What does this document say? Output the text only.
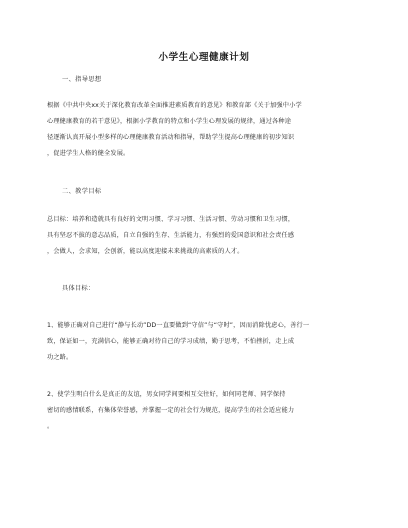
小学生心理健康计划
一、指导思想
根据《中共中央xx关于深化教育改革全面推进素质教育的意见》和教育部《关于加强中小学
心理健康教育的若干意见》，根据小学教育的特点和小学生心理发展的规律，通过各种途
径逐渐认真开展小型多样的心理健康教育活动和指导，帮助学生提高心理健康的初步知识
，促进学生人格的健全发展。
二、教学目标
总目标：培养和造就具有良好的文明习惯、学习习惯、生活习惯、劳动习惯和卫生习惯，
具有坚忍不拔的意志品质，自立自强的生存、生活能力，有强烈的爱国意识和社会责任感
，会做人，会求知，会创新，能以高度迎接未来挑战的高素质的人才。
具体目标：
1、能够正确对自己进行“静与长动”DD一直要做到“守信”与“守时”，因而消除忧虑心，善行一
致，保证如一，充满信心，能够正确对待自己的学习成绩，勤于思考，不怕挫折，走上成
功之路。
2、使学生明白什么是真正的友谊，男女同学间要相互交往好，如何同老师、同学保持
密切的感情联系，有集体荣誉感，并掌握一定的社会行为规范，提高学生的社会适应能力
。
